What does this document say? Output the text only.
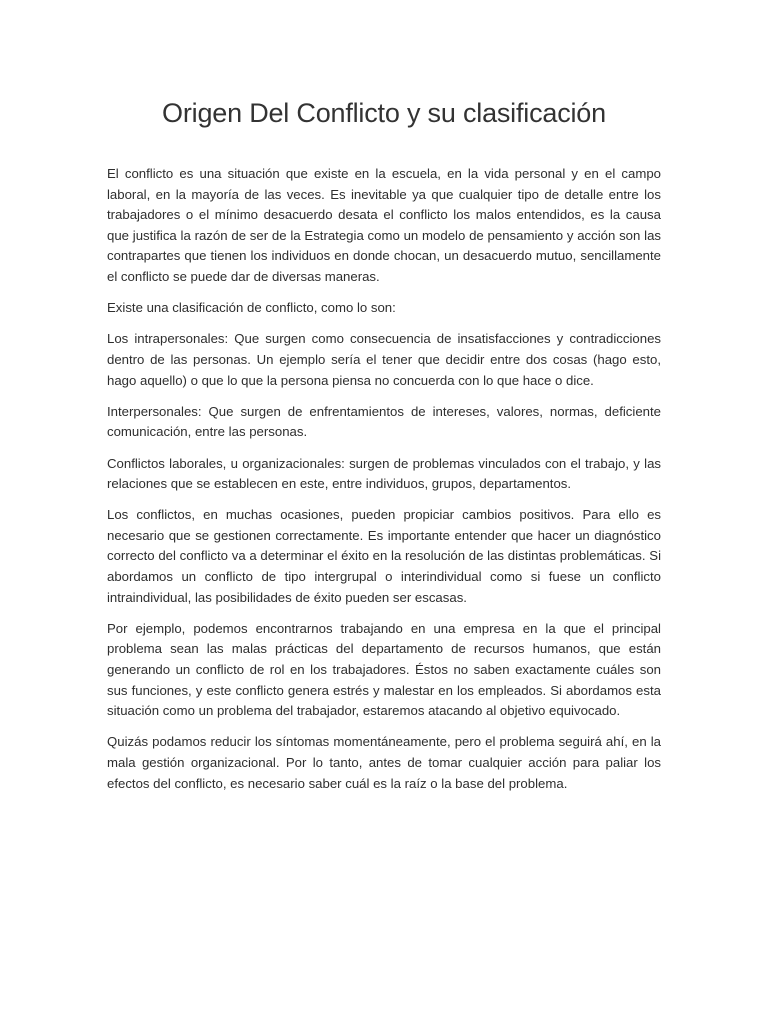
Origen Del Conflicto y su clasificación

El conflicto es una situación que existe en la escuela, en la vida personal y en el campo laboral, en la mayoría de las veces. Es inevitable ya que cualquier tipo de detalle entre los trabajadores o el mínimo desacuerdo desata el conflicto los malos entendidos, es la causa que justifica la razón de ser de la Estrategia como un modelo de pensamiento y acción son las contrapartes que tienen los individuos en donde chocan, un desacuerdo mutuo, sencillamente el conflicto se puede dar de diversas maneras.

Existe una clasificación de conflicto, como lo son:

Los intrapersonales: Que surgen como consecuencia de insatisfacciones y contradicciones dentro de las personas. Un ejemplo sería el tener que decidir entre dos cosas (hago esto, hago aquello) o que lo que la persona piensa no concuerda con lo que hace o dice.

Interpersonales: Que surgen de enfrentamientos de intereses, valores, normas, deficiente comunicación, entre las personas.

Conflictos laborales, u organizacionales: surgen de problemas vinculados con el trabajo, y las relaciones que se establecen en este, entre individuos, grupos, departamentos.

Los conflictos, en muchas ocasiones, pueden propiciar cambios positivos. Para ello es necesario que se gestionen correctamente. Es importante entender que hacer un diagnóstico correcto del conflicto va a determinar el éxito en la resolución de las distintas problemáticas. Si abordamos un conflicto de tipo intergrupal o interindividual como si fuese un conflicto intraindividual, las posibilidades de éxito pueden ser escasas.

Por ejemplo, podemos encontrarnos trabajando en una empresa en la que el principal problema sean las malas prácticas del departamento de recursos humanos, que están generando un conflicto de rol en los trabajadores. Éstos no saben exactamente cuáles son sus funciones, y este conflicto genera estrés y malestar en los empleados. Si abordamos esta situación como un problema del trabajador, estaremos atacando al objetivo equivocado.

Quizás podamos reducir los síntomas momentáneamente, pero el problema seguirá ahí, en la mala gestión organizacional. Por lo tanto, antes de tomar cualquier acción para paliar los efectos del conflicto, es necesario saber cuál es la raíz o la base del problema.
